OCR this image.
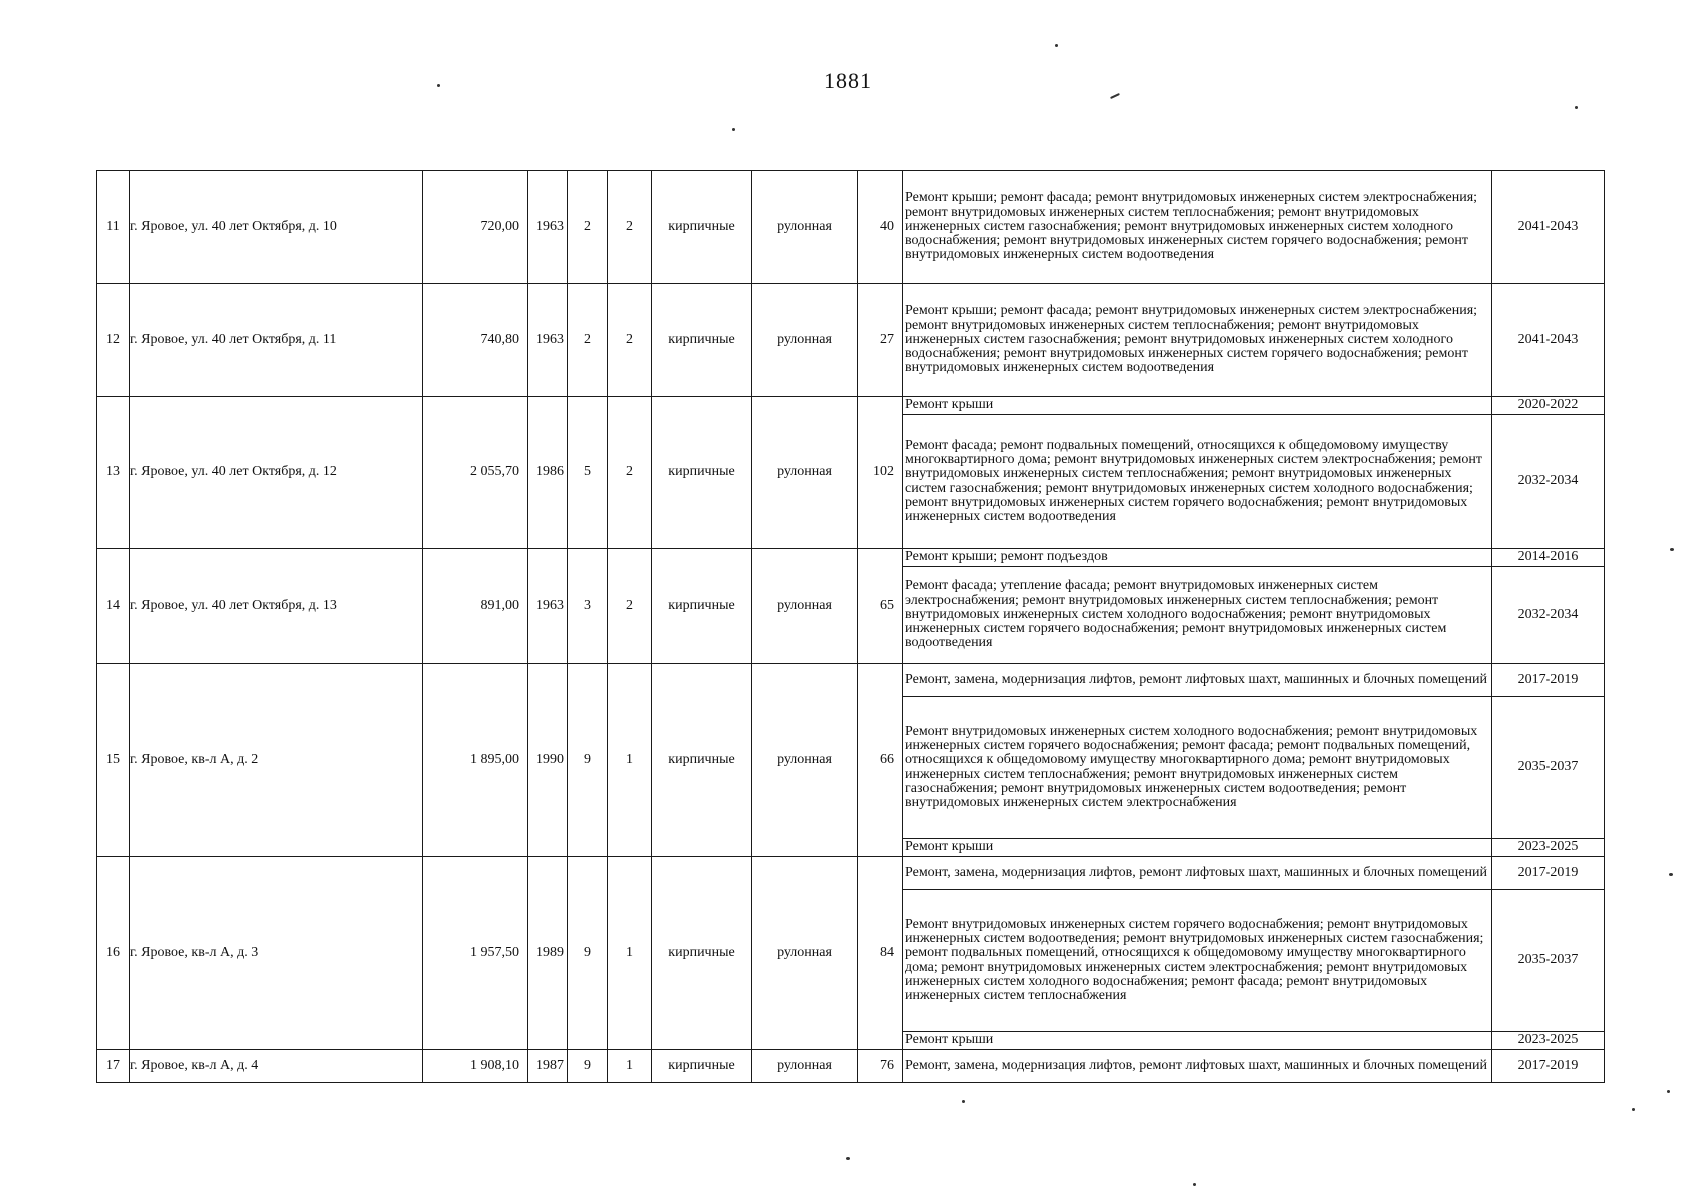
1881
11	г. Яровое, ул. 40 лет Октября, д. 10	720,00	1963	2	2	кирпичные	рулонная	40	Ремонт крыши; ремонт фасада; ремонт внутридомовых инженерных систем электроснабжения; ремонт внутридомовых инженерных систем теплоснабжения; ремонт внутридомовых инженерных систем газоснабжения; ремонт внутридомовых инженерных систем холодного водоснабжения; ремонт внутридомовых инженерных систем горячего водоснабжения; ремонт внутридомовых инженерных систем водоотведения	2041-2043
12	г. Яровое, ул. 40 лет Октября, д. 11	740,80	1963	2	2	кирпичные	рулонная	27	Ремонт крыши; ремонт фасада; ремонт внутридомовых инженерных систем электроснабжения; ремонт внутридомовых инженерных систем теплоснабжения; ремонт внутридомовых инженерных систем газоснабжения; ремонт внутридомовых инженерных систем холодного водоснабжения; ремонт внутридомовых инженерных систем горячего водоснабжения; ремонт внутридомовых инженерных систем водоотведения	2041-2043
13	г. Яровое, ул. 40 лет Октября, д. 12	2 055,70	1986	5	2	кирпичные	рулонная	102	Ремонт крыши	2020-2022
									Ремонт фасада; ремонт подвальных помещений, относящихся к общедомовому имуществу многоквартирного дома; ремонт внутридомовых инженерных систем электроснабжения; ремонт внутридомовых инженерных систем теплоснабжения; ремонт внутридомовых инженерных систем газоснабжения; ремонт внутридомовых инженерных систем холодного водоснабжения; ремонт внутридомовых инженерных систем горячего водоснабжения; ремонт внутридомовых инженерных систем водоотведения	2032-2034
14	г. Яровое, ул. 40 лет Октября, д. 13	891,00	1963	3	2	кирпичные	рулонная	65	Ремонт крыши; ремонт подъездов	2014-2016
									Ремонт фасада; утепление фасада; ремонт внутридомовых инженерных систем электроснабжения; ремонт внутридомовых инженерных систем теплоснабжения; ремонт внутридомовых инженерных систем холодного водоснабжения; ремонт внутридомовых инженерных систем горячего водоснабжения; ремонт внутридомовых инженерных систем водоотведения	2032-2034
15	г. Яровое, кв-л А, д. 2	1 895,00	1990	9	1	кирпичные	рулонная	66	Ремонт, замена, модернизация лифтов, ремонт лифтовых шахт, машинных и блочных помещений	2017-2019
									Ремонт внутридомовых инженерных систем холодного водоснабжения; ремонт внутридомовых инженерных систем горячего водоснабжения; ремонт фасада; ремонт подвальных помещений, относящихся к общедомовому имуществу многоквартирного дома; ремонт внутридомовых инженерных систем теплоснабжения; ремонт внутридомовых инженерных систем газоснабжения; ремонт внутридомовых инженерных систем водоотведения; ремонт внутридомовых инженерных систем электроснабжения	2035-2037
									Ремонт крыши	2023-2025
16	г. Яровое, кв-л А, д. 3	1 957,50	1989	9	1	кирпичные	рулонная	84	Ремонт, замена, модернизация лифтов, ремонт лифтовых шахт, машинных и блочных помещений	2017-2019
									Ремонт внутридомовых инженерных систем горячего водоснабжения; ремонт внутридомовых инженерных систем водоотведения; ремонт внутридомовых инженерных систем газоснабжения; ремонт подвальных помещений, относящихся к общедомовому имуществу многоквартирного дома; ремонт внутридомовых инженерных систем электроснабжения; ремонт внутридомовых инженерных систем холодного водоснабжения; ремонт фасада; ремонт внутридомовых инженерных систем теплоснабжения	2035-2037
									Ремонт крыши	2023-2025
17	г. Яровое, кв-л А, д. 4	1 908,10	1987	9	1	кирпичные	рулонная	76	Ремонт, замена, модернизация лифтов, ремонт лифтовых шахт, машинных и блочных помещений	2017-2019
